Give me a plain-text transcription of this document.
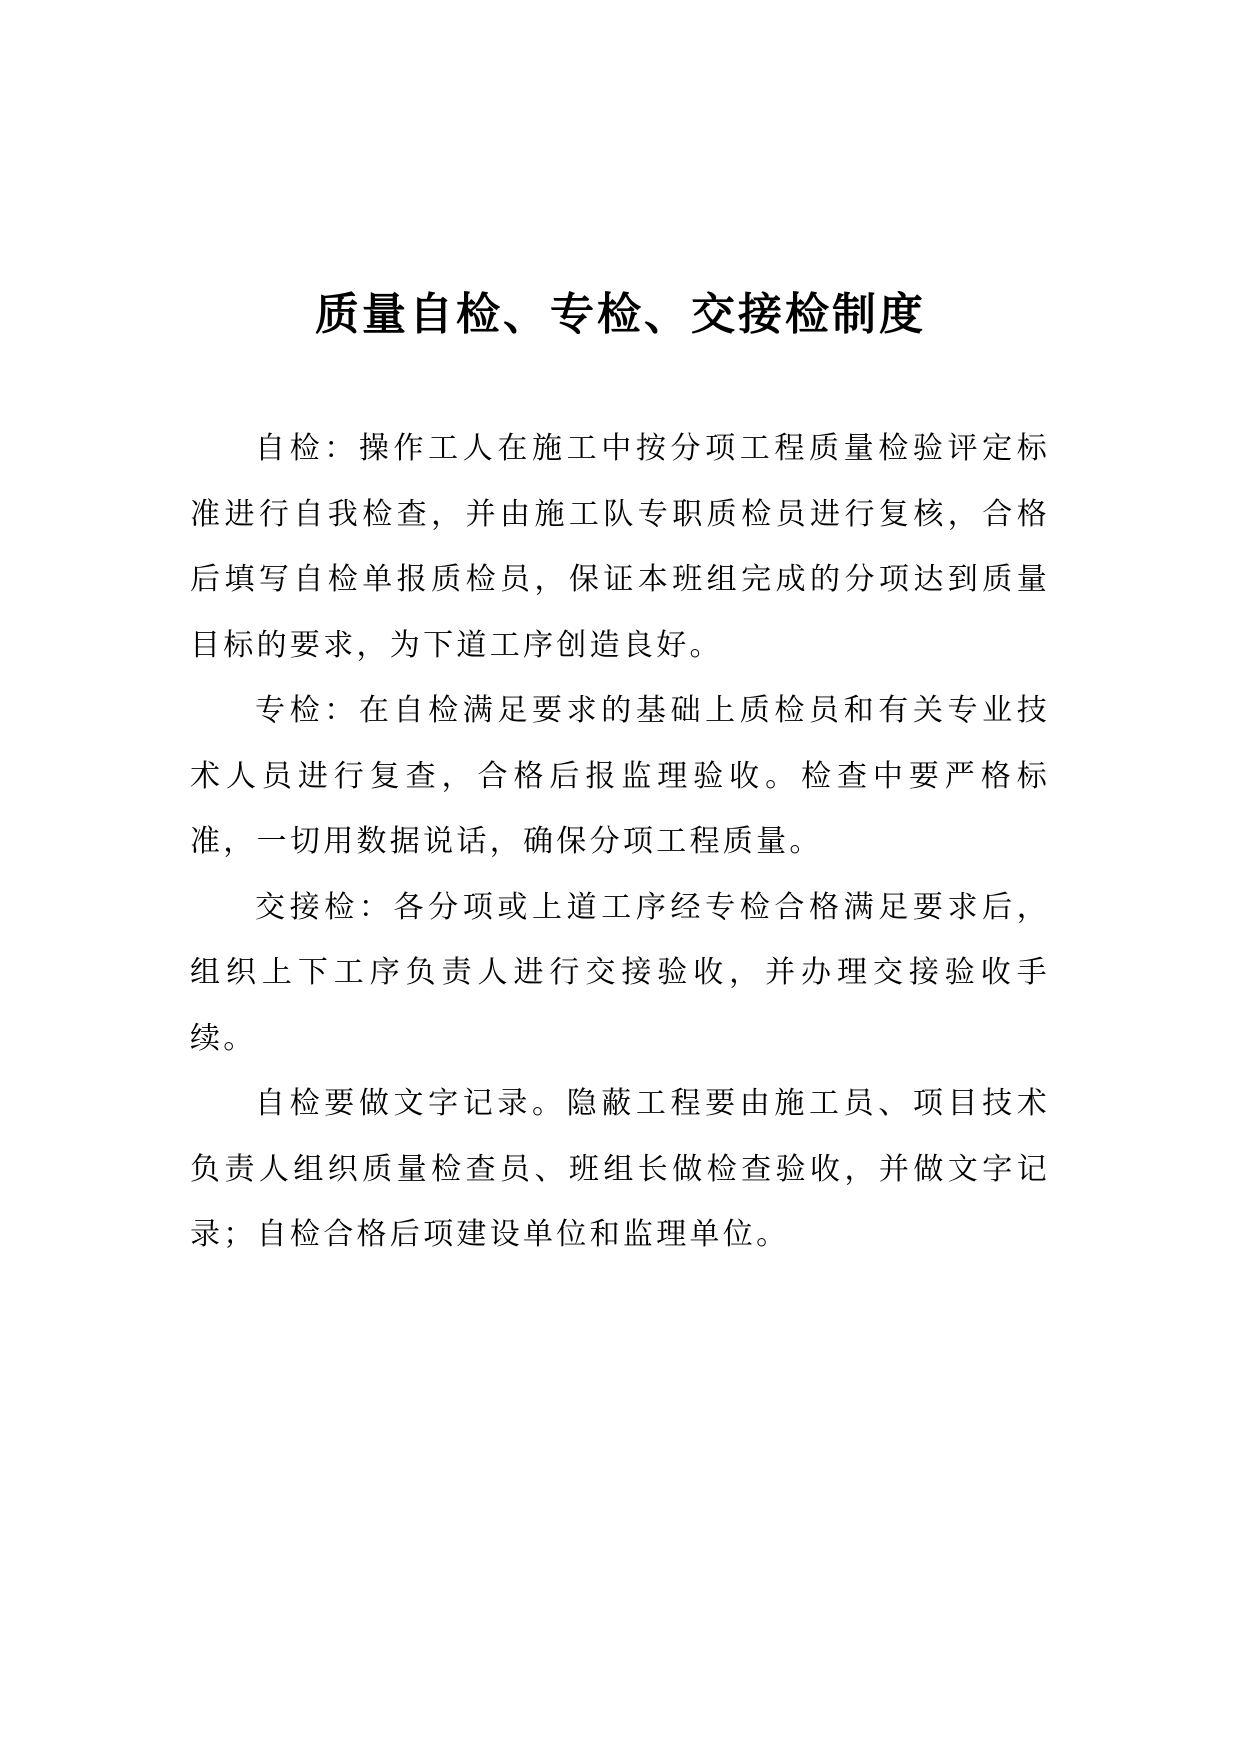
质量自检、专检、交接检制度

自检：操作工人在施工中按分项工程质量检验评定标准进行自我检查，并由施工队专职质检员进行复核，合格后填写自检单报质检员，保证本班组完成的分项达到质量目标的要求，为下道工序创造良好。

专检：在自检满足要求的基础上质检员和有关专业技术人员进行复查，合格后报监理验收。检查中要严格标准，一切用数据说话，确保分项工程质量。

交接检：各分项或上道工序经专检合格满足要求后，组织上下工序负责人进行交接验收，并办理交接验收手续。

自检要做文字记录。隐蔽工程要由施工员、项目技术负责人组织质量检查员、班组长做检查验收，并做文字记录；自检合格后项建设单位和监理单位。
